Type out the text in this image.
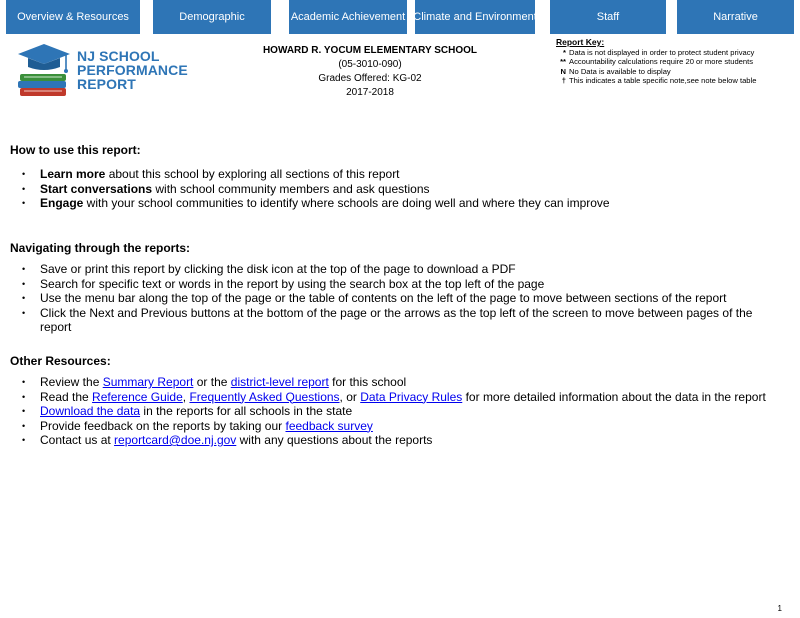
Overview & Resources	Demographic	Academic Achievement Climate and Environment	Staff	Narrative
NJ SCHOOL
PERFORMANCE
REPORT
HOWARD R. YOCUM ELEMENTARY SCHOOL
(05-3010-090)
Grades Offered: KG-02
2017-2018
Report Key:
* Data is not displayed in order to protect student privacy
** Accountability calculations require 20 or more students
N No Data is available to display
† This indicates a table specific note,see note below table
How to use this report:
• Learn more about this school by exploring all sections of this report
• Start conversations with school community members and ask questions
• Engage with your school communities to identify where schools are doing well and where they can improve
Navigating through the reports:
• Save or print this report by clicking the disk icon at the top of the page to download a PDF
• Search for specific text or words in the report by using the search box at the top left of the page
• Use the menu bar along the top of the page or the table of contents on the left of the page to move between sections of the report
• Click the Next and Previous buttons at the bottom of the page or the arrows as the top left of the screen to move between pages of the report
Other Resources:
• Review the Summary Report or the district-level report for this school
• Read the Reference Guide, Frequently Asked Questions, or Data Privacy Rules for more detailed information about the data in the report
• Download the data in the reports for all schools in the state
• Provide feedback on the reports by taking our feedback survey
• Contact us at reportcard@doe.nj.gov with any questions about the reports
1
